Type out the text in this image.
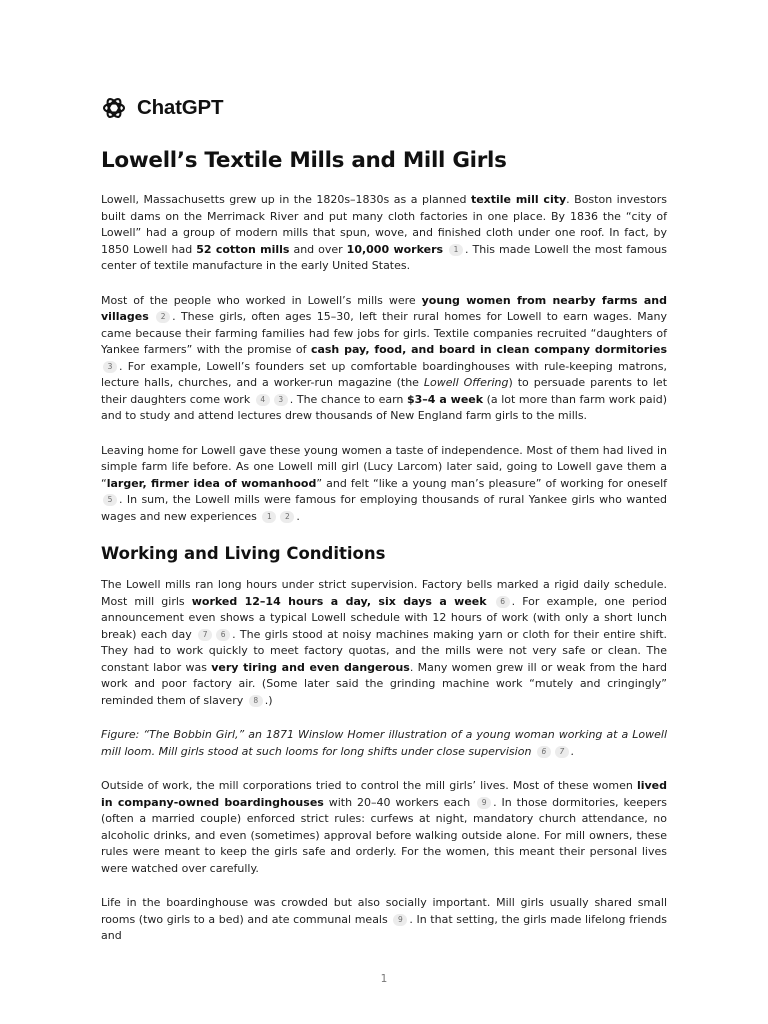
ChatGPT
Lowell’s Textile Mills and Mill Girls

Lowell, Massachusetts grew up in the 1820s–1830s as a planned textile mill city. Boston investors built dams on the Merrimack River and put many cloth factories in one place. By 1836 the “city of Lowell” had a group of modern mills that spun, wove, and finished cloth under one roof. In fact, by 1850 Lowell had 52 cotton mills and over 10,000 workers 1 . This made Lowell the most famous center of textile manufacture in the early United States.

Most of the people who worked in Lowell’s mills were young women from nearby farms and villages 2 . These girls, often ages 15–30, left their rural homes for Lowell to earn wages. Many came because their farming families had few jobs for girls. Textile companies recruited “daughters of Yankee farmers” with the promise of cash pay, food, and board in clean company dormitories 3 . For example, Lowell’s founders set up comfortable boardinghouses with rule-keeping matrons, lecture halls, churches, and a worker-run magazine (the Lowell Offering) to persuade parents to let their daughters come work 4 3 . The chance to earn $3–4 a week (a lot more than farm work paid) and to study and attend lectures drew thousands of New England farm girls to the mills.

Leaving home for Lowell gave these young women a taste of independence. Most of them had lived in simple farm life before. As one Lowell mill girl (Lucy Larcom) later said, going to Lowell gave them a “larger, firmer idea of womanhood” and felt “like a young man’s pleasure” of working for oneself 5 . In sum, the Lowell mills were famous for employing thousands of rural Yankee girls who wanted wages and new experiences 1 2 .

Working and Living Conditions

The Lowell mills ran long hours under strict supervision. Factory bells marked a rigid daily schedule. Most mill girls worked 12–14 hours a day, six days a week 6 . For example, one period announcement even shows a typical Lowell schedule with 12 hours of work (with only a short lunch break) each day 7 6 . The girls stood at noisy machines making yarn or cloth for their entire shift. They had to work quickly to meet factory quotas, and the mills were not very safe or clean. The constant labor was very tiring and even dangerous. Many women grew ill or weak from the hard work and poor factory air. (Some later said the grinding machine work “mutely and cringingly” reminded them of slavery 8 .)

Figure: “The Bobbin Girl,” an 1871 Winslow Homer illustration of a young woman working at a Lowell mill loom. Mill girls stood at such looms for long shifts under close supervision 6 7 .

Outside of work, the mill corporations tried to control the mill girls’ lives. Most of these women lived in company-owned boardinghouses with 20–40 workers each 9 . In those dormitories, keepers (often a married couple) enforced strict rules: curfews at night, mandatory church attendance, no alcoholic drinks, and even (sometimes) approval before walking outside alone. For mill owners, these rules were meant to keep the girls safe and orderly. For the women, this meant their personal lives were watched over carefully.

Life in the boardinghouse was crowded but also socially important. Mill girls usually shared small rooms (two girls to a bed) and ate communal meals 9 . In that setting, the girls made lifelong friends and

1
